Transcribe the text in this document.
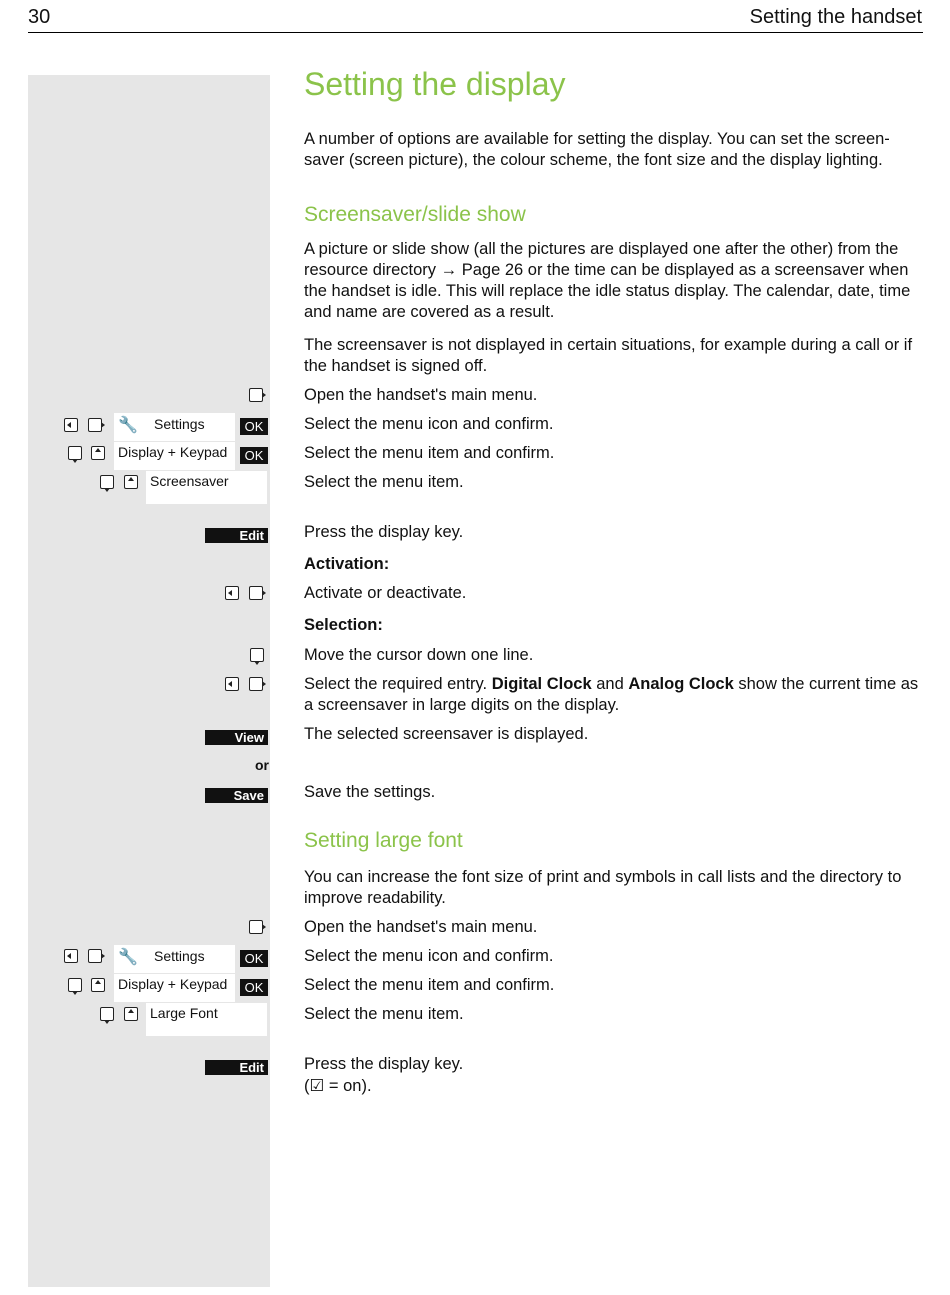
30	Setting the handset
Setting the display
A number of options are available for setting the display. You can set the screen-saver (screen picture), the colour scheme, the font size and the display lighting.
Screensaver/slide show
A picture or slide show (all the pictures are displayed one after the other) from the resource directory → Page 26 or the time can be displayed as a screensaver when the handset is idle. This will replace the idle status display. The calendar, date, time and name are covered as a result.
The screensaver is not displayed in certain situations, for example during a call or if the handset is signed off.
Open the handset's main menu.
🔧 Settings	OK Select the menu icon and confirm.
Display + Keypad	OK Select the menu item and confirm.
Screensaver	Select the menu item.
Edit Press the display key.
Activation:
Activate or deactivate.
Selection:
Move the cursor down one line.
Select the required entry. Digital Clock and Analog Clock show the current time as a screensaver in large digits on the display.
View The selected screensaver is displayed.
or
Save Save the settings.
Setting large font
You can increase the font size of print and symbols in call lists and the directory to improve readability.
Open the handset's main menu.
🔧 Settings	OK Select the menu icon and confirm.
Display + Keypad	OK Select the menu item and confirm.
Large Font	Select the menu item.
Edit Press the display key.
(☑ = on).
